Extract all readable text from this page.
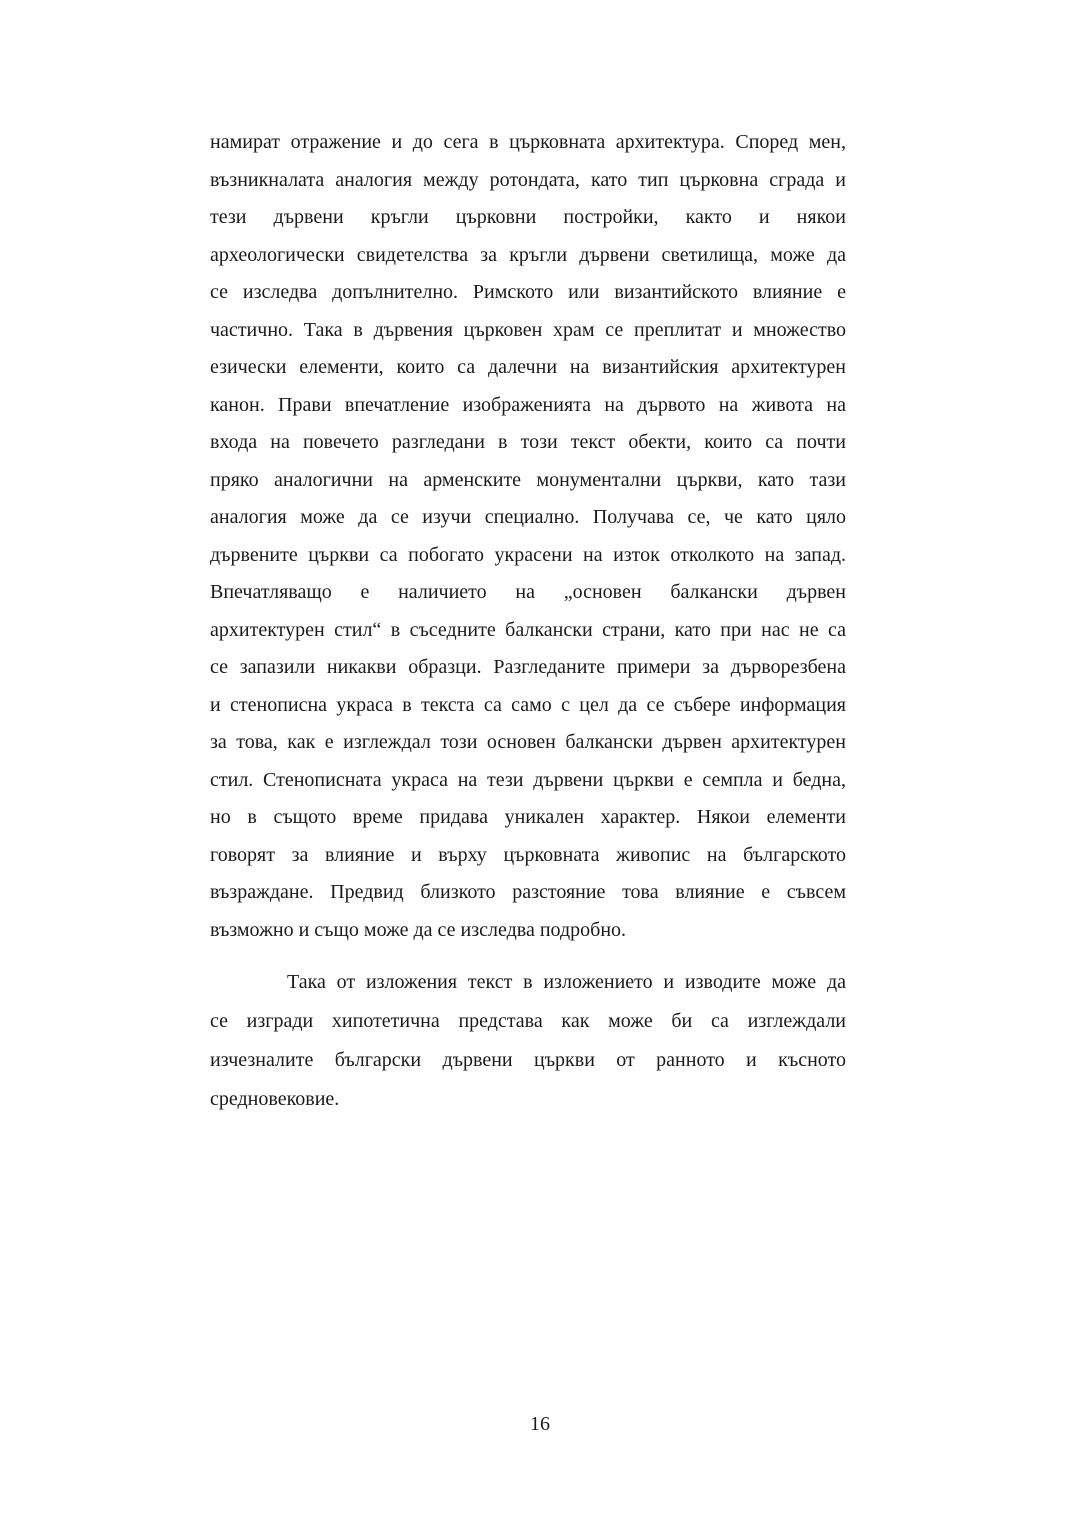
намират отражение и до сега в църковната архитектура. Според мен,
възникналата аналогия между ротондата, като тип църковна сграда и
тези дървени кръгли църковни постройки, както и някои
археологически свидетелства за кръгли дървени светилища, може да
се изследва допълнително. Римското или византийското влияние е
частично. Така в дървения църковен храм се преплитат и множество
езически елементи, които са далечни на византийския архитектурен
канон. Прави впечатление изображенията на дървото на живота на
входа на повечето разгледани в този текст обекти, които са почти
пряко аналогични на арменските монументални църкви, като тази
аналогия може да се изучи специално. Получава се, че като цяло
дървените църкви са побогато украсени на изток отколкото на запад.
Впечатляващо е наличието на „основен балкански дървен
архитектурен стил“ в съседните балкански страни, като при нас не са
се запазили никакви образци. Разгледаните примери за дърворезбена
и стенописна украса в текста са само с цел да се събере информация
за това, как е изглеждал този основен балкански дървен архитектурен
стил. Стенописната украса на тези дървени църкви е семпла и бедна,
но в същото време придава уникален характер. Някои елементи
говорят за влияние и върху църковната живопис на българското
възраждане. Предвид близкото разстояние това влияние е съвсем
възможно и също може да се изследва подробно.
Така от изложения текст в изложението и изводите може да
се изгради хипотетична представа как може би са изглеждали
изчезналите български дървени църкви от ранното и късното
средновековие.
16
